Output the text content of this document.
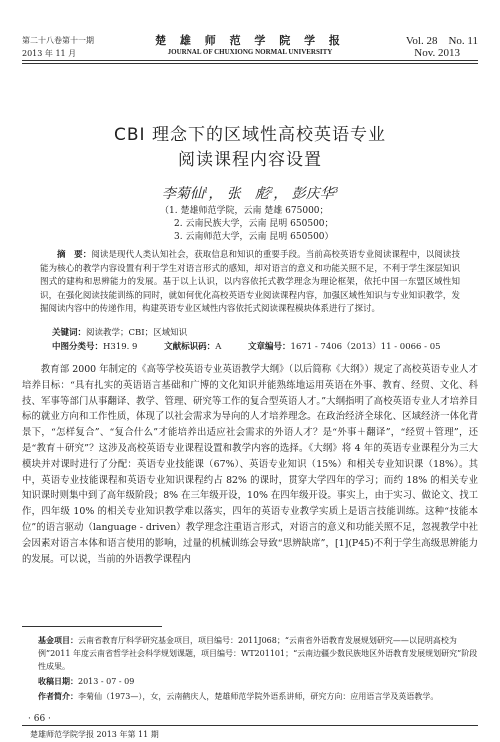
第二十八卷第十一期
2013 年 11 月
楚 雄 师 范 学 院 学 报
JOURNAL OF CHUXIONG NORMAL UNIVERSITY
Vol. 28　No. 11
Nov. 2013
CBI 理念下的区域性高校英语专业
阅读课程内容设置
李菊仙$^1$， 张　彪$^2$， 彭庆华$^3$
（1. 楚雄师范学院，云南 楚雄 675000；
2. 云南民族大学，云南 昆明 650500；
3. 云南师范大学，云南 昆明 650500）
摘　要：阅读是现代人类认知社会，获取信息和知识的重要手段。当前高校英语专业阅读课程中，以阅读技能为核心的教学内容设置有利于学生对语言形式的感知，却对语言的意义和功能关照不足，不利于学生深层知识图式的建构和思辨能力的发展。基于以上认识，以内容依托式教学理念为理论框架，依托中国一东盟区域性知识，在强化阅读技能训练的同时，就如何优化高校英语专业阅读课程内容，加强区域性知识与专业知识教学，发掘阅读内容中的传递作用，构建英语专业区域性内容依托式阅读课程模块体系进行了探讨。
关键词：阅读教学；CBI；区域知识
中图分类号：H319. 9	文献标识码：A	文章编号：1671 - 7406（2013）11 - 0066 - 05
教育部 2000 年制定的《高等学校英语专业英语教学大纲》（以后简称《大纲》）规定了高校英语专业人才培养目标：“具有扎实的英语语言基础和广博的文化知识并能熟练地运用英语在外事、教育、经贸、文化、科技、军事等部门从事翻译、教学、管理、研究等工作的复合型英语人才。”大纲指明了高校英语专业人才培养目标的就业方向和工作性质，体现了以社会需求为导向的人才培养理念。在政治经济全球化、区域经济一体化背景下，“怎样复合”、“复合什么”才能培养出适应社会需求的外语人才？是“外事＋翻译”，“经贸＋管理”，还是“教育＋研究”？这涉及高校英语专业课程设置和教学内容的选择。《大纲》将 4 年的英语专业课程分为三大模块并对课时进行了分配：英语专业技能课（67%）、英语专业知识（15%）和相关专业知识课（18%）。其中，英语专业技能课程和英语专业知识课程约占 82% 的课时，贯穿大学四年的学习；而约 18% 的相关专业知识课时则集中到了高年级阶段；8% 在三年级开设，10% 在四年级开设。事实上，由于实习、做论文、找工作，四年级 10% 的相关专业知识教学难以落实，四年的英语专业教学实质上是语言技能训练。这种“技能本位”的语言驱动（language - driven）教学理念注重语言形式，对语言的意义和功能关照不足，忽视教学中社会因素对语言本体和语言使用的影响，过量的机械训练会导致“思辨缺席”，[1](P45)不利于学生高级思辨能力的发展。可以说，当前的外语教学课程内
基金项目：云南省教育厅科学研究基金项目，项目编号：2011J068；“云南省外语教育发展规划研究——以昆明高校为例”2011 年度云南省哲学社会科学规划课题，项目编号：WT201101；“云南边疆少数民族地区外语教育发展规划研究”阶段性成果。
收稿日期：2013 - 07 - 09
作者简介：李菊仙（1973—），女，云南鹤庆人，楚雄师范学院外语系讲师，研究方向：应用语言学及英语教学。
· 66 ·
楚雄师范学院学报 2013 年第 11 期
